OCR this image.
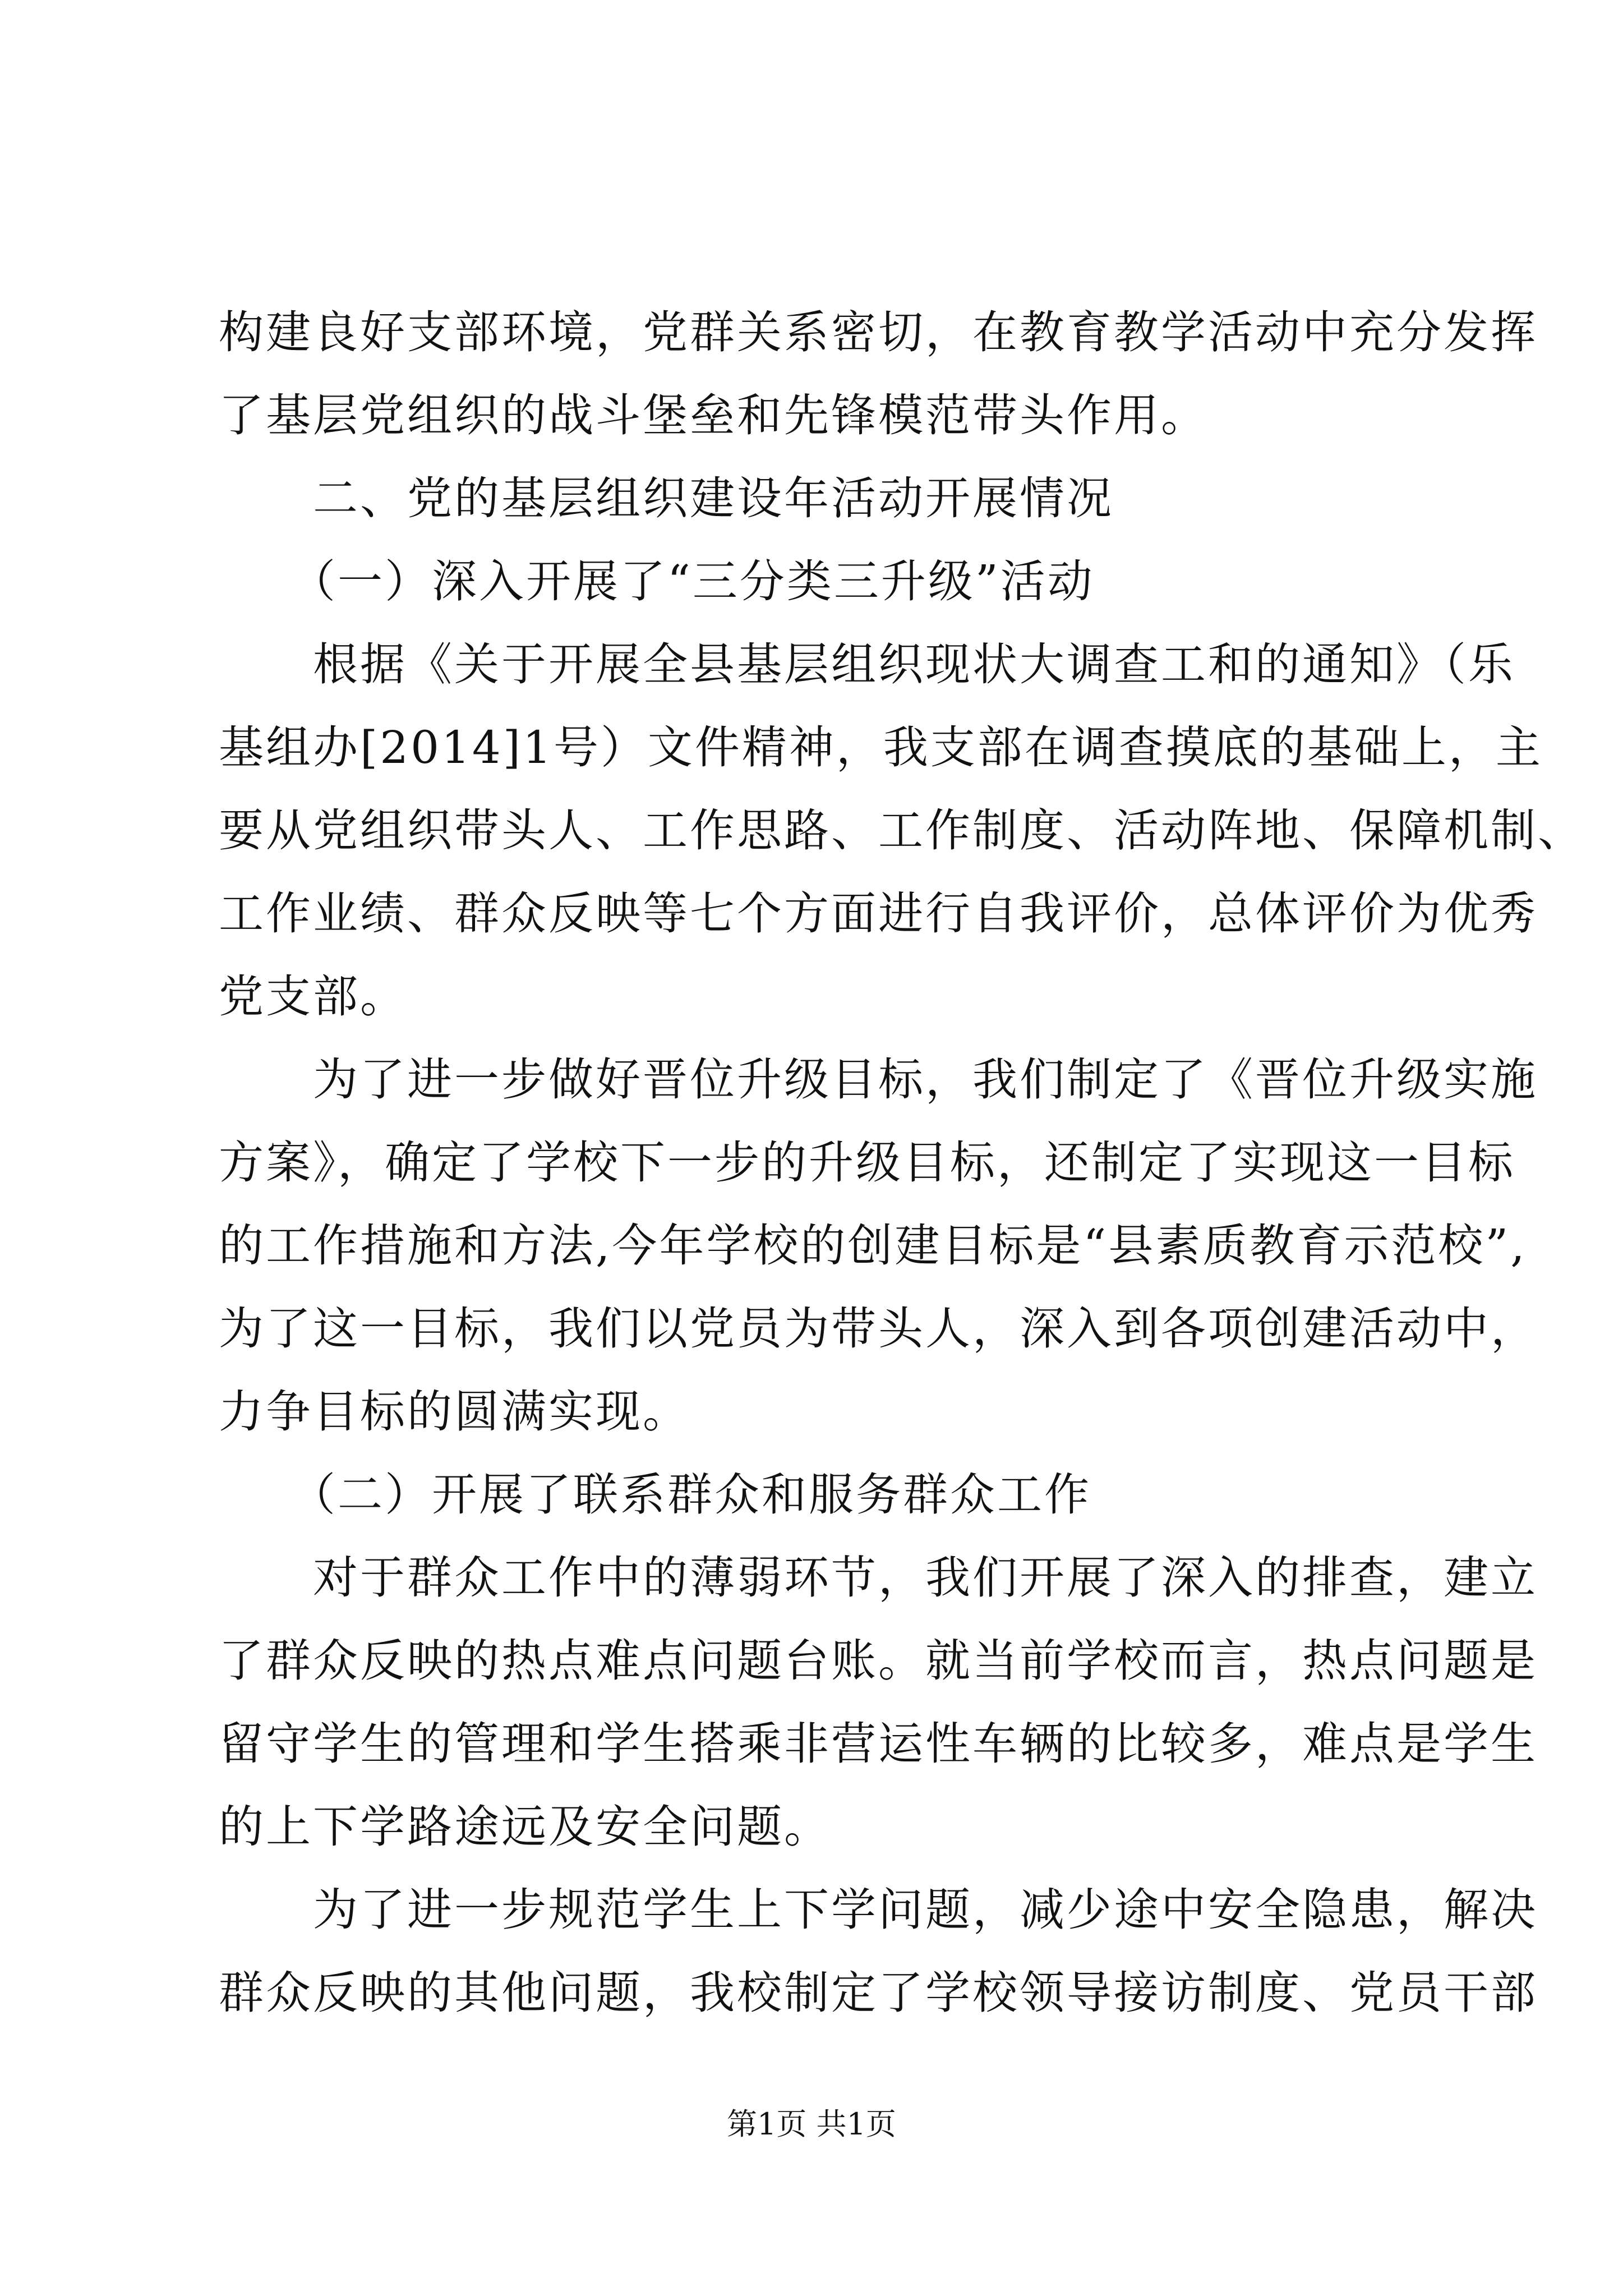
构建良好支部环境，党群关系密切，在教育教学活动中充分发挥
了基层党组织的战斗堡垒和先锋模范带头作用。
　　二、党的基层组织建设年活动开展情况
　　（一）深入开展了“三分类三升级”活动
　　根据《关于开展全县基层组织现状大调查工和的通知》（乐
基组办[2014]1号）文件精神，我支部在调查摸底的基础上，主
要从党组织带头人、工作思路、工作制度、活动阵地、保障机制、
工作业绩、群众反映等七个方面进行自我评价，总体评价为优秀
党支部。
　　为了进一步做好晋位升级目标，我们制定了《晋位升级实施
方案》，确定了学校下一步的升级目标，还制定了实现这一目标
的工作措施和方法,今年学校的创建目标是“县素质教育示范校”,
为了这一目标，我们以党员为带头人，深入到各项创建活动中，
力争目标的圆满实现。
　　（二）开展了联系群众和服务群众工作
　　对于群众工作中的薄弱环节，我们开展了深入的排查，建立
了群众反映的热点难点问题台账。就当前学校而言，热点问题是
留守学生的管理和学生搭乘非营运性车辆的比较多，难点是学生
的上下学路途远及安全问题。
　　为了进一步规范学生上下学问题，减少途中安全隐患，解决
群众反映的其他问题，我校制定了学校领导接访制度、党员干部
第1页 共1页
